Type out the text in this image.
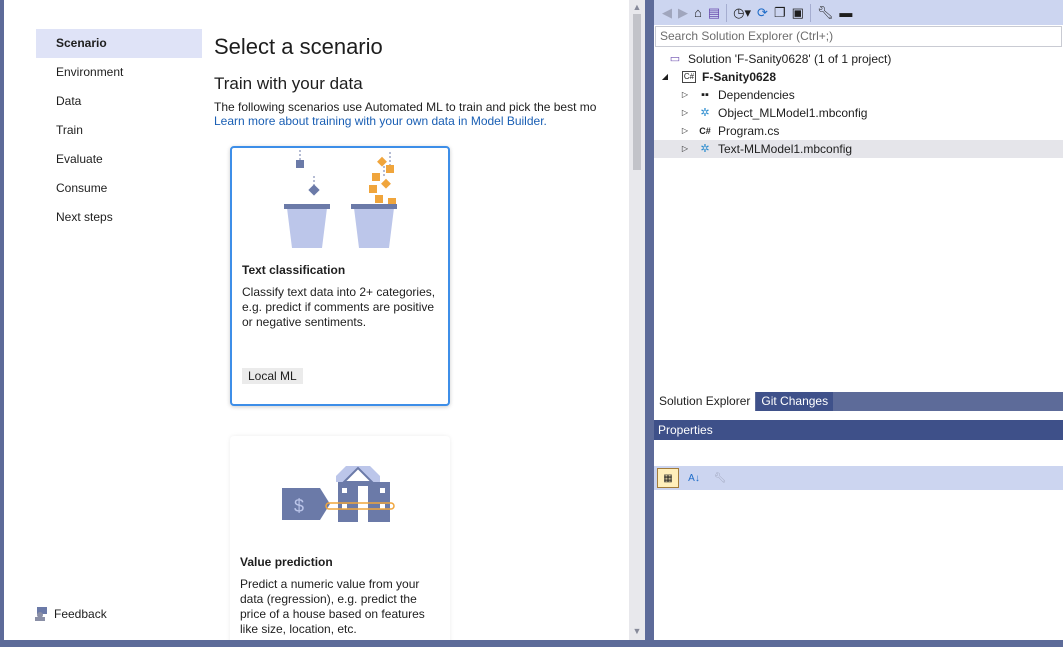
Scenario
Environment
Data
Train
Evaluate
Consume
Next steps
Feedback
Select a scenario
Train with your data
The following scenarios use Automated ML to train and pick the best mo
Learn more about training with your own data in Model Builder.
Text classification
Classify text data into 2+ categories, e.g. predict if comments are positive or negative sentiments.
Local ML
$
Value prediction
Predict a numeric value from your data (regression), e.g. predict the price of a house based on features like size, location, etc.
▲
▼
◀ ▶ ⌂ ▤ ◷▾ ⟳ ❐ ▣ 🔧︎ ▬
Search Solution Explorer (Ctrl+;)
▭ Solution 'F-Sanity0628' (1 of 1 project)
◢ C# F-Sanity0628
▷ ▪▪ Dependencies
▷ ✲ Object_MLModel1.mbconfig
▷ C# Program.cs
▷ ✲ Text-MLModel1.mbconfig
Solution Explorer Git Changes
Properties
▦	A↓	🔧︎
